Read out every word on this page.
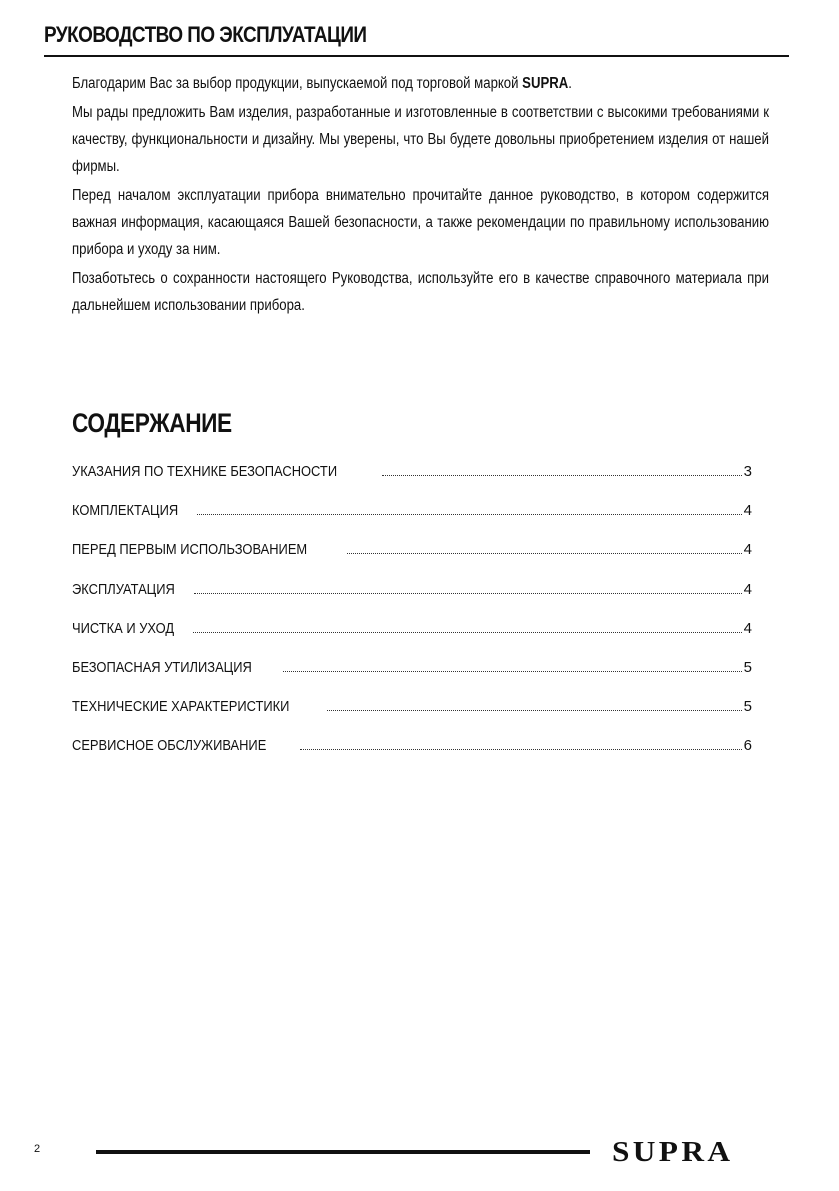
РУКОВОДСТВО ПО ЭКСПЛУАТАЦИИ

Благодарим Вас за выбор продукции, выпускаемой под торговой маркой SUPRA.

Мы рады предложить Вам изделия, разработанные и изготовленные в соответствии с высокими требованиями к качеству, функциональности и дизайну. Мы уверены, что Вы будете довольны приобретением изделия от нашей фирмы.

Перед началом эксплуатации прибора внимательно прочитайте данное руководство, в котором содержится важная информация, касающаяся Вашей безопасности, а также рекомендации по правильному использованию прибора и уходу за ним.

Позаботьтесь о сохранности настоящего Руководства, используйте его в качестве справочного материала при дальнейшем использовании прибора.

СОДЕРЖАНИЕ
УКАЗАНИЯ ПО ТЕХНИКЕ БЕЗОПАСНОСТИ	3
КОМПЛЕКТАЦИЯ	4
ПЕРЕД ПЕРВЫМ ИСПОЛЬЗОВАНИЕМ	4
ЭКСПЛУАТАЦИЯ	4
ЧИСТКА И УХОД	4
БЕЗОПАСНАЯ УТИЛИЗАЦИЯ	5
ТЕХНИЧЕСКИЕ ХАРАКТЕРИСТИКИ	5
СЕРВИСНОЕ ОБСЛУЖИВАНИЕ	6
2	SUPRA
